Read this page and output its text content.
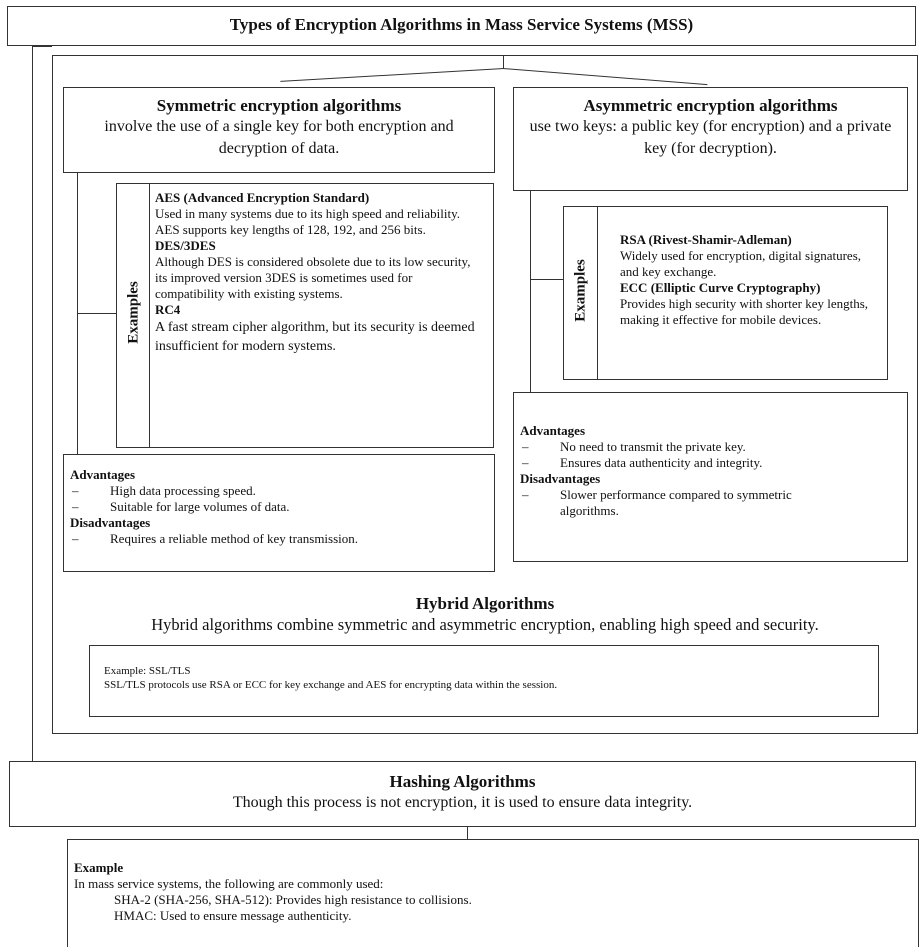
Types of Encryption Algorithms in Mass Service Systems (MSS)
Symmetric encryption algorithms
involve the use of a single key for both encryption and decryption of data.
Examples
AES (Advanced Encryption Standard)
Used in many systems due to its high speed and reliability. AES supports key lengths of 128, 192, and 256 bits.
DES/3DES
Although DES is considered obsolete due to its low security, its improved version 3DES is sometimes used for compatibility with existing systems.
RC4
A fast stream cipher algorithm, but its security is deemed insufficient for modern systems.
Advantages
–	High data processing speed.
–	Suitable for large volumes of data.
Disadvantages
–	Requires a reliable method of key transmission.
Asymmetric encryption algorithms
use two keys: a public key (for encryption) and a private key (for decryption).
Examples
RSA (Rivest-Shamir-Adleman)
Widely used for encryption, digital signatures, and key exchange.
ECC (Elliptic Curve Cryptography)
Provides high security with shorter key lengths, making it effective for mobile devices.
Advantages
–	No need to transmit the private key.
–	Ensures data authenticity and integrity.
Disadvantages
–	Slower performance compared to symmetric algorithms.
Hybrid Algorithms
Hybrid algorithms combine symmetric and asymmetric encryption, enabling high speed and security.
Example: SSL/TLS
SSL/TLS protocols use RSA or ECC for key exchange and AES for encrypting data within the session.
Hashing Algorithms
Though this process is not encryption, it is used to ensure data integrity.
Example
In mass service systems, the following are commonly used:
SHA-2 (SHA-256, SHA-512): Provides high resistance to collisions.
HMAC: Used to ensure message authenticity.
